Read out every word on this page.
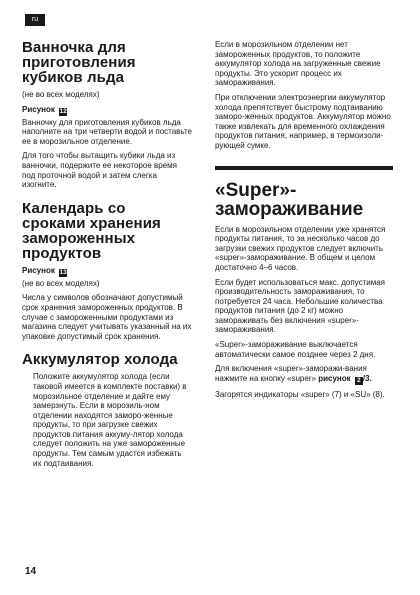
ru
Ванночка для приготовления кубиков льда
(не во всех моделях)
Рисунок 12

Ванночку для приготовления кубиков льда наполните на три четверти водой и поставьте ее в морозильное отделение.

Для того чтобы вытащить кубики льда из ванночки, подержите ее некоторое время под проточной водой и затем слегка изогните.

Календарь со сроками хранения замороженных продуктов
Рисунок 13
(не во всех моделях)

Числа у символов обозначают допустимый срок хранения замороженных продуктов. В случае с замороженными продуктами из магазина следует учитывать указанный на их упаковке допустимый срок хранения.

Аккумулятор холода

Положите аккумулятор холода (если таковой имеется в комплекте поставки) в морозильное отделение и дайте ему замерзнуть. Если в морозиль-ном отделении находятся заморо-женные продукты, то при загрузке свежих продуктов питания аккуму-лятор холода следует положить на уже замороженные продукты. Тем самым удастся избежать их подтаивания.

Если в морозильном отделении нет замороженных продуктов, то положите аккумулятор холода на загруженные свежие продукты. Это ускорит процесс их замораживания.

При отключении электроэнергии аккумулятор холода препятствует быстрому подтаиванию заморо-женных продуктов. Аккумулятор можно также извлекать для временного охлаждения продуктов питания, например, в термоизоли-рующей сумке.

«Super»-замораживание

Если в морозильном отделении уже хранятся продукты питания, то за несколько часов до загрузки свежих продуктов следует включить «super»-замораживание. В общем и целом достаточно 4–6 часов.

Если будет использоваться макс. допустимая производительность замораживания, то потребуется 24 часа. Небольшие количества продуктов питания (до 2 кг) можно замораживать без включения «super»-замораживания.

«Super»-замораживание выключается автоматически самое позднее через 2 дня.

Для включения «super»-заморажи-вания нажмите на кнопку «super» рисунок 2 /3.

Загорятся индикаторы «super» (7) и «SU» (8).

14
